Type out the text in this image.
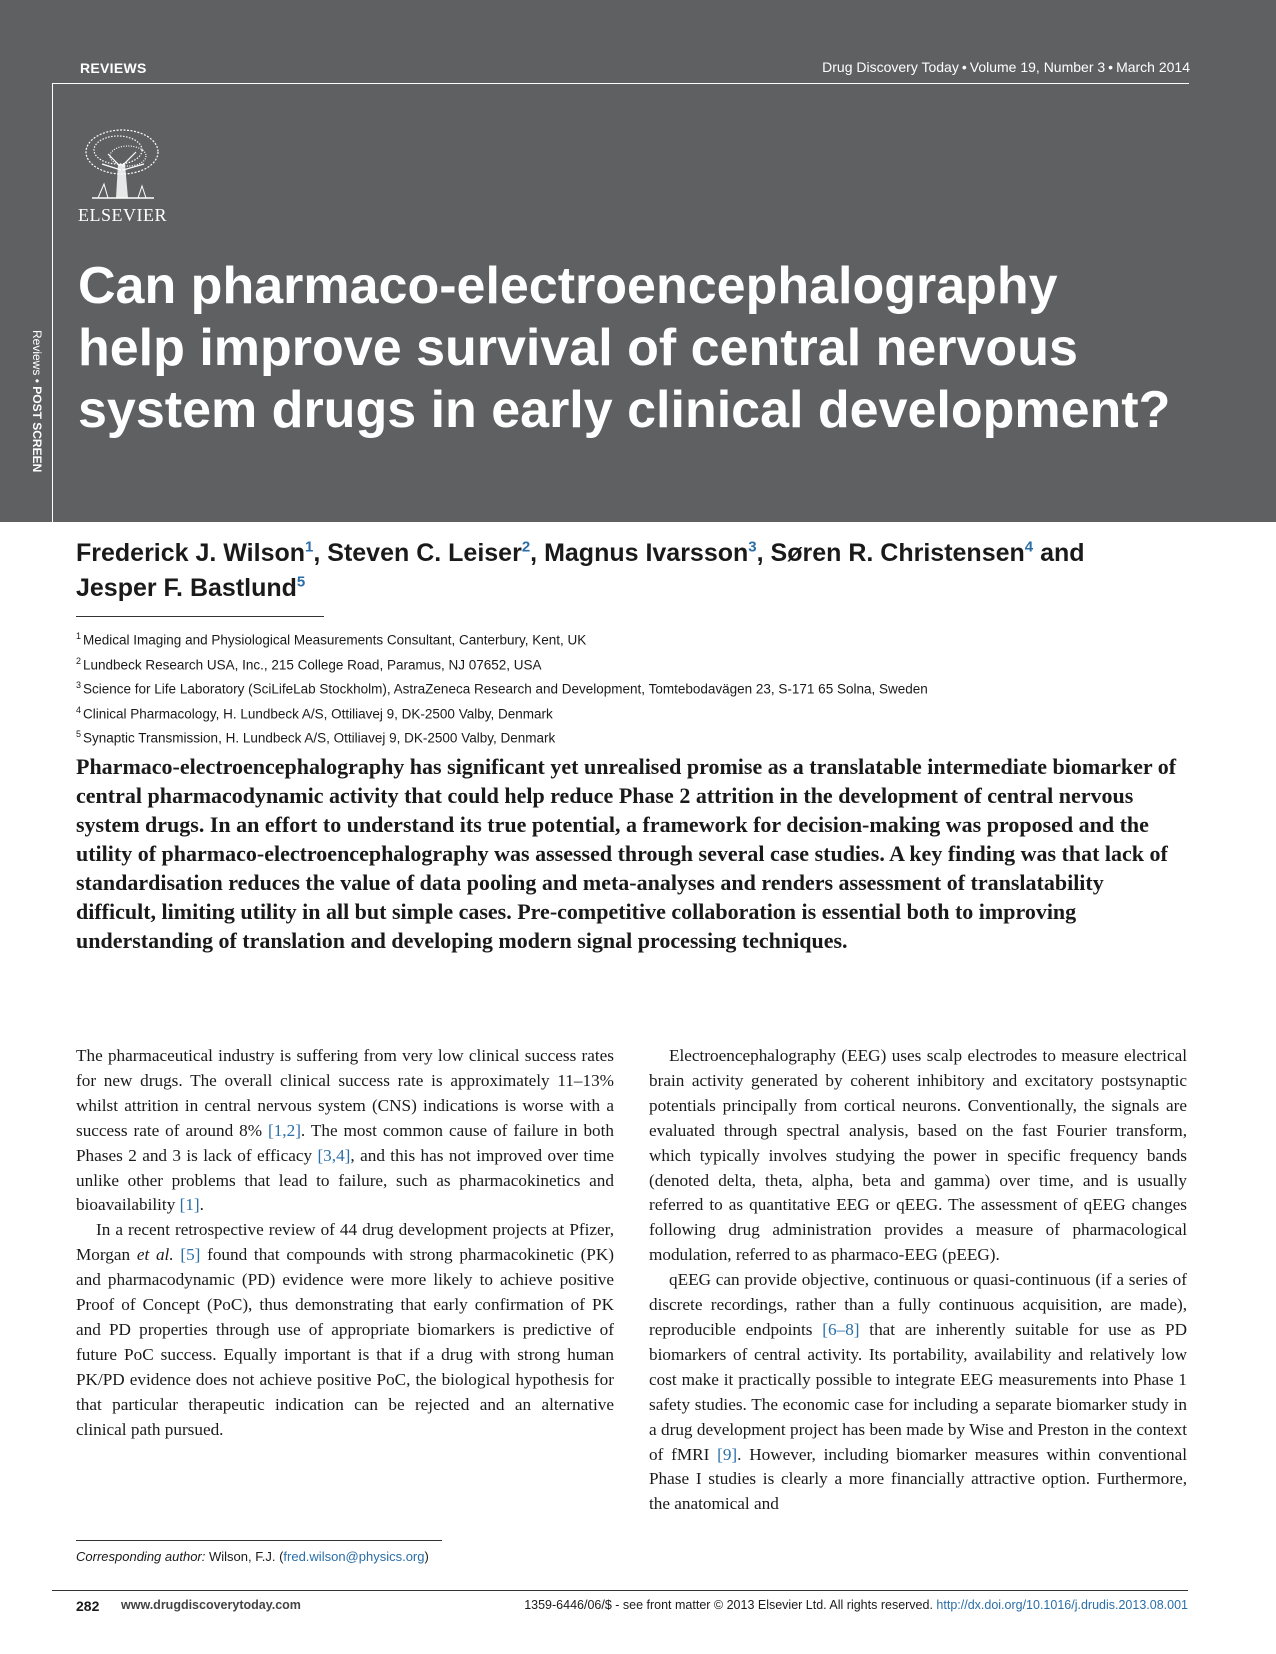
REVIEWS	Drug Discovery Today • Volume 19, Number 3 • March 2014
ELSEVIER
Reviews • POST SCREEN
Can pharmaco-electroencephalography help improve survival of central nervous system drugs in early clinical development?
Frederick J. Wilson$^1$, Steven C. Leiser$^2$, Magnus Ivarsson$^3$, Søren R. Christensen$^4$ and
Jesper F. Bastlund$^5$
$^1$ Medical Imaging and Physiological Measurements Consultant, Canterbury, Kent, UK
$^2$ Lundbeck Research USA, Inc., 215 College Road, Paramus, NJ 07652, USA
$^3$ Science for Life Laboratory (SciLifeLab Stockholm), AstraZeneca Research and Development, Tomtebodavägen 23, S-171 65 Solna, Sweden
$^4$ Clinical Pharmacology, H. Lundbeck A/S, Ottiliavej 9, DK-2500 Valby, Denmark
$^5$ Synaptic Transmission, H. Lundbeck A/S, Ottiliavej 9, DK-2500 Valby, Denmark

Pharmaco-electroencephalography has significant yet unrealised promise as a translatable intermediate biomarker of central pharmacodynamic activity that could help reduce Phase 2 attrition in the development of central nervous system drugs. In an effort to understand its true potential, a framework for decision-making was proposed and the utility of pharmaco-electroencephalography was assessed through several case studies. A key finding was that lack of standardisation reduces the value of data pooling and meta-analyses and renders assessment of translatability difficult, limiting utility in all but simple cases. Pre-competitive collaboration is essential both to improving understanding of translation and developing modern signal processing techniques.

The pharmaceutical industry is suffering from very low clinical success rates for new drugs. The overall clinical success rate is approximately 11–13% whilst attrition in central nervous system (CNS) indications is worse with a success rate of around 8% [1,2]. The most common cause of failure in both Phases 2 and 3 is lack of efficacy [3,4], and this has not improved over time unlike other problems that lead to failure, such as pharmacokinetics and bioavailability [1].

In a recent retrospective review of 44 drug development projects at Pfizer, Morgan et al. [5] found that compounds with strong pharmacokinetic (PK) and pharmacodynamic (PD) evidence were more likely to achieve positive Proof of Concept (PoC), thus demonstrating that early confirmation of PK and PD properties through use of appropriate biomarkers is predictive of future PoC success. Equally important is that if a drug with strong human PK/PD evidence does not achieve positive PoC, the biological hypothesis for that particular therapeutic indication can be rejected and an alternative clinical path pursued.

Electroencephalography (EEG) uses scalp electrodes to measure electrical brain activity generated by coherent inhibitory and excitatory postsynaptic potentials principally from cortical neurons. Conventionally, the signals are evaluated through spectral analysis, based on the fast Fourier transform, which typically involves studying the power in specific frequency bands (denoted delta, theta, alpha, beta and gamma) over time, and is usually referred to as quantitative EEG or qEEG. The assessment of qEEG changes following drug administration provides a measure of pharmacological modulation, referred to as pharmaco-EEG (pEEG).

qEEG can provide objective, continuous or quasi-continuous (if a series of discrete recordings, rather than a fully continuous acquisition, are made), reproducible endpoints [6–8] that are inherently suitable for use as PD biomarkers of central activity. Its portability, availability and relatively low cost make it practically possible to integrate EEG measurements into Phase 1 safety studies. The economic case for including a separate biomarker study in a drug development project has been made by Wise and Preston in the context of fMRI [9]. However, including biomarker measures within conventional Phase I studies is clearly a more financially attractive option. Furthermore, the anatomical and

Corresponding author: Wilson, F.J. (fred.wilson@physics.org)
282 www.drugdiscoverytoday.com	1359-6446/06/$ - see front matter © 2013 Elsevier Ltd. All rights reserved. http://dx.doi.org/10.1016/j.drudis.2013.08.001
